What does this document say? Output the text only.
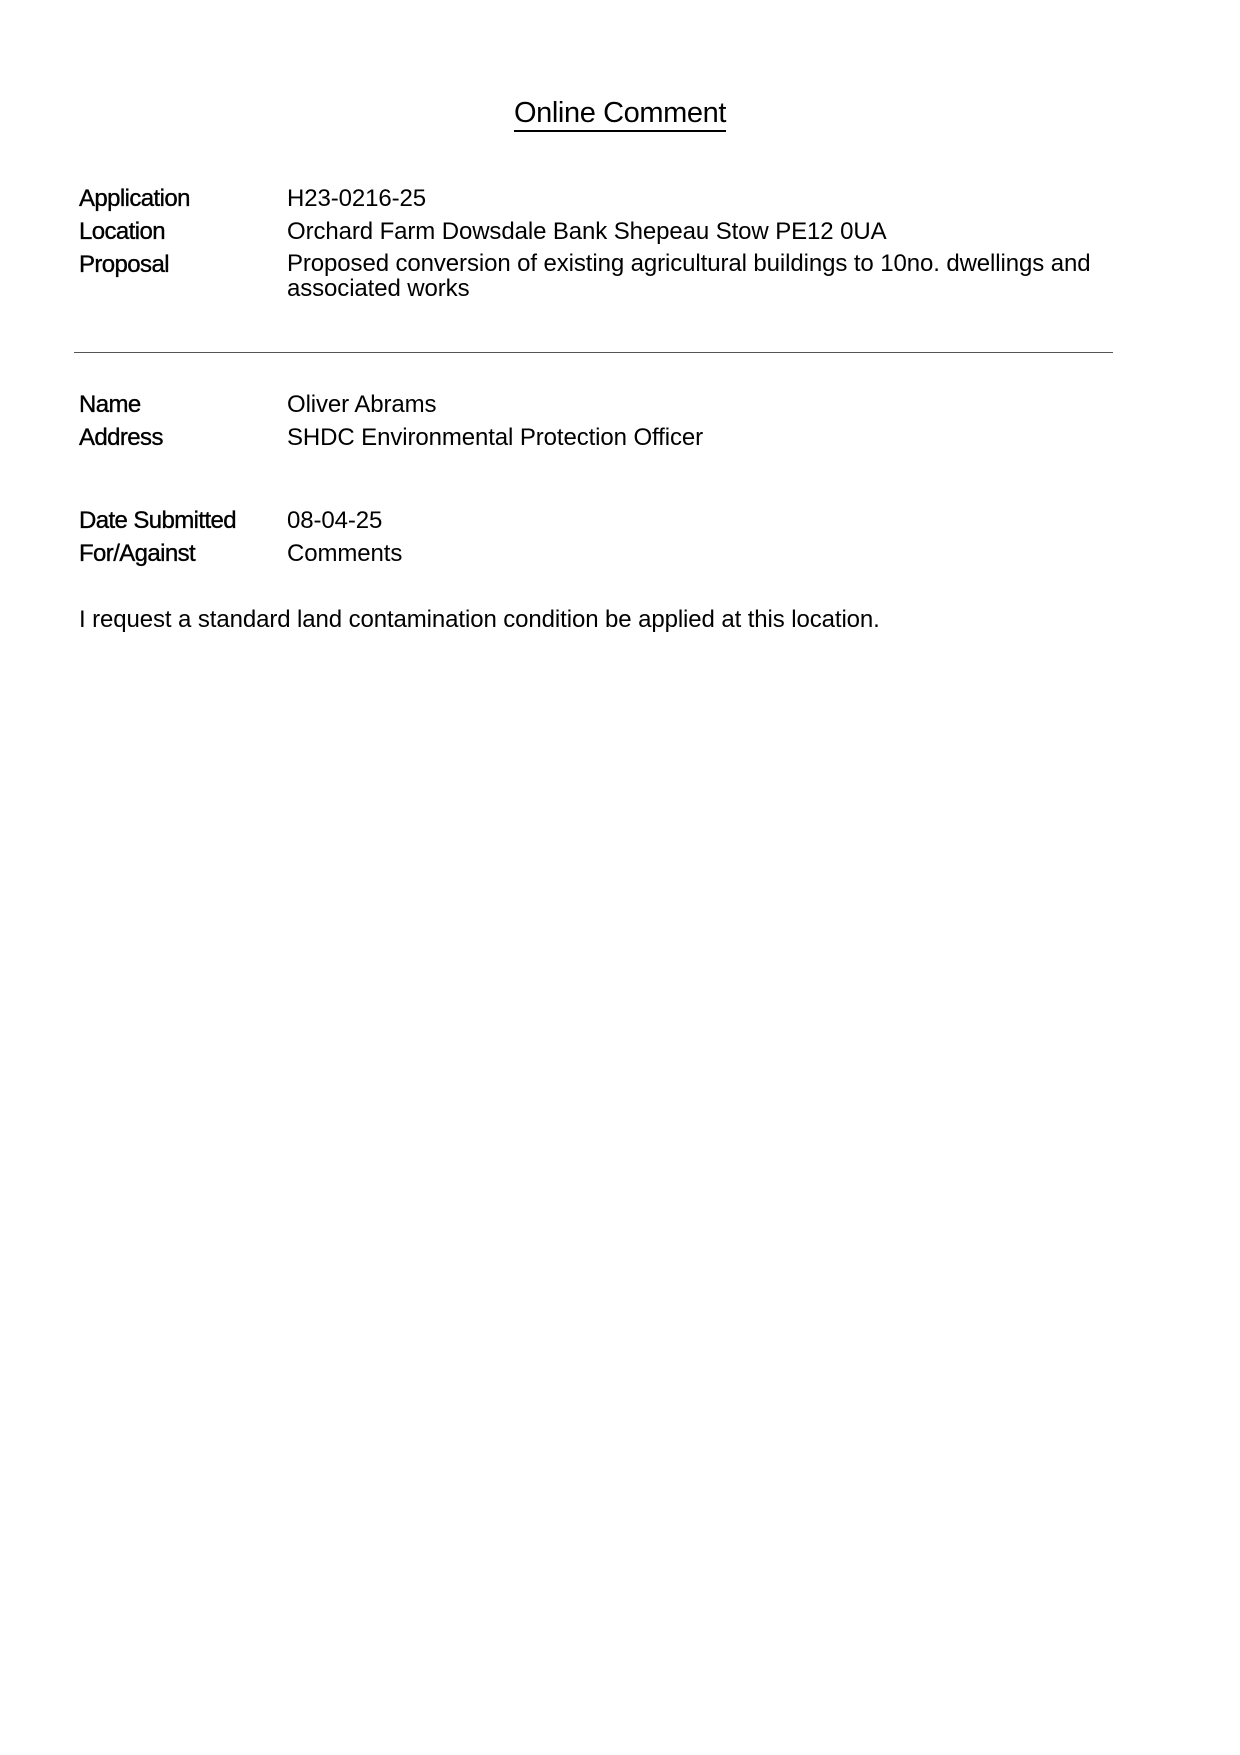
Online Comment
Application	H23-0216-25
Location	Orchard Farm Dowsdale Bank Shepeau Stow PE12 0UA
Proposal	Proposed conversion of existing agricultural buildings to 10no. dwellings and associated works
Name	Oliver Abrams
Address	SHDC Environmental Protection Officer
Date Submitted	08-04-25
For/Against	Comments
I request a standard land contamination condition be applied at this location.
